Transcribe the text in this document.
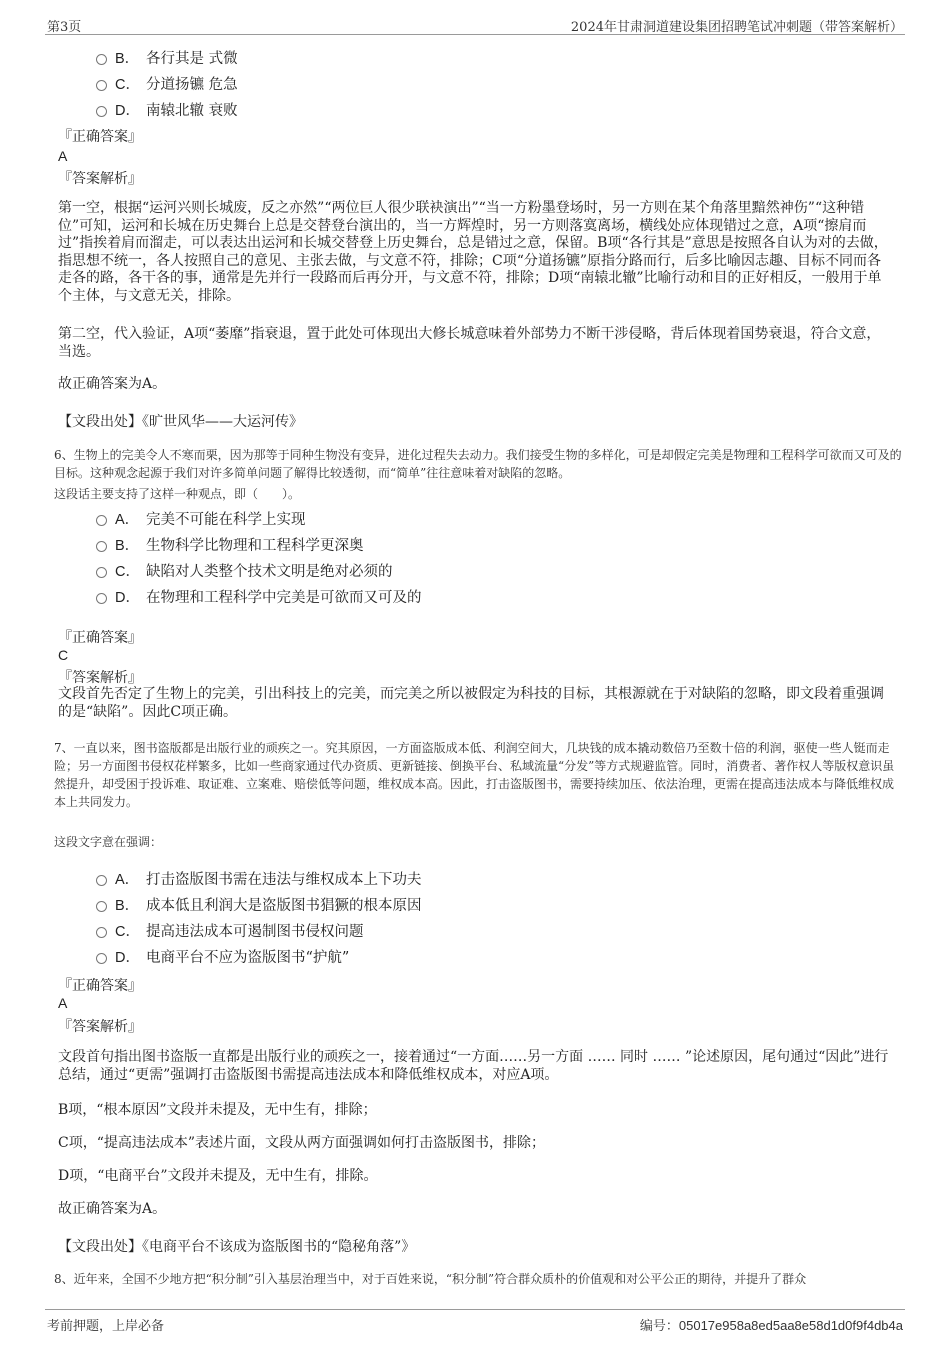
第3页	2024年甘肃洞道建设集团招聘笔试冲刺题（带答案解析）
B． 各行其是 式微
C． 分道扬镳 危急
D． 南辕北辙 衰败
『正确答案』
A
『答案解析』
第一空，根据“运河兴则长城废，反之亦然”“两位巨人很少联袂演出”“当一方粉墨登场时，另一方则在某个角落里黯然神伤”“这种错位”可知，运河和长城在历史舞台上总是交替登台演出的，当一方辉煌时，另一方则落寞离场，横线处应体现错过之意，A项“擦肩而过”指挨着肩而溜走，可以表达出运河和长城交替登上历史舞台，总是错过之意，保留。B项“各行其是”意思是按照各自认为对的去做，指思想不统一，各人按照自己的意见、主张去做，与文意不符，排除；C项“分道扬镳”原指分路而行，后多比喻因志趣、目标不同而各走各的路，各干各的事，通常是先并行一段路而后再分开，与文意不符，排除；D项“南辕北辙”比喻行动和目的正好相反，一般用于单个主体，与文意无关，排除。
第二空，代入验证，A项“萎靡”指衰退，置于此处可体现出大修长城意味着外部势力不断干涉侵略，背后体现着国势衰退，符合文意，当选。
故正确答案为A。
【文段出处】《旷世风华——大运河传》
6、生物上的完美令人不寒而栗，因为那等于同种生物没有变异，进化过程失去动力。我们接受生物的多样化，可是却假定完美是物理和工程科学可欲而又可及的目标。这种观念起源于我们对许多简单问题了解得比较透彻，而“简单”往往意味着对缺陷的忽略。
这段话主要支持了这样一种观点，即（　　）。
A． 完美不可能在科学上实现
B． 生物科学比物理和工程科学更深奥
C． 缺陷对人类整个技术文明是绝对必须的
D． 在物理和工程科学中完美是可欲而又可及的
『正确答案』
C
『答案解析』
文段首先否定了生物上的完美，引出科技上的完美，而完美之所以被假定为科技的目标，其根源就在于对缺陷的忽略，即文段着重强调的是“缺陷”。因此C项正确。
7、一直以来，图书盗版都是出版行业的顽疾之一。究其原因，一方面盗版成本低、利润空间大，几块钱的成本撬动数倍乃至数十倍的利润，驱使一些人铤而走险；另一方面图书侵权花样繁多，比如一些商家通过代办资质、更新链接、倒换平台、私域流量“分发”等方式规避监管。同时，消费者、著作权人等版权意识虽然提升，却受困于投诉难、取证难、立案难、赔偿低等问题，维权成本高。因此，打击盗版图书，需要持续加压、依法治理，更需在提高违法成本与降低维权成本上共同发力。
这段文字意在强调：
A． 打击盗版图书需在违法与维权成本上下功夫
B． 成本低且利润大是盗版图书猖獗的根本原因
C． 提高违法成本可遏制图书侵权问题
D． 电商平台不应为盗版图书“护航”
『正确答案』
A
『答案解析』
文段首句指出图书盗版一直都是出版行业的顽疾之一，接着通过“一方面……另一方面 …… 同时 …… ”论述原因，尾句通过“因此”进行总结，通过“更需”强调打击盗版图书需提高违法成本和降低维权成本，对应A项。
B项，“根本原因”文段并未提及，无中生有，排除；
C项，“提高违法成本”表述片面，文段从两方面强调如何打击盗版图书，排除；
D项，“电商平台”文段并未提及，无中生有，排除。
故正确答案为A。
【文段出处】《电商平台不该成为盗版图书的“隐秘角落”》
8、近年来，全国不少地方把“积分制”引入基层治理当中，对于百姓来说，“积分制”符合群众质朴的价值观和对公平公正的期待，并提升了群众
考前押题，上岸必备	编号：05017e958a8ed5aa8e58d1d0f9f4db4a
